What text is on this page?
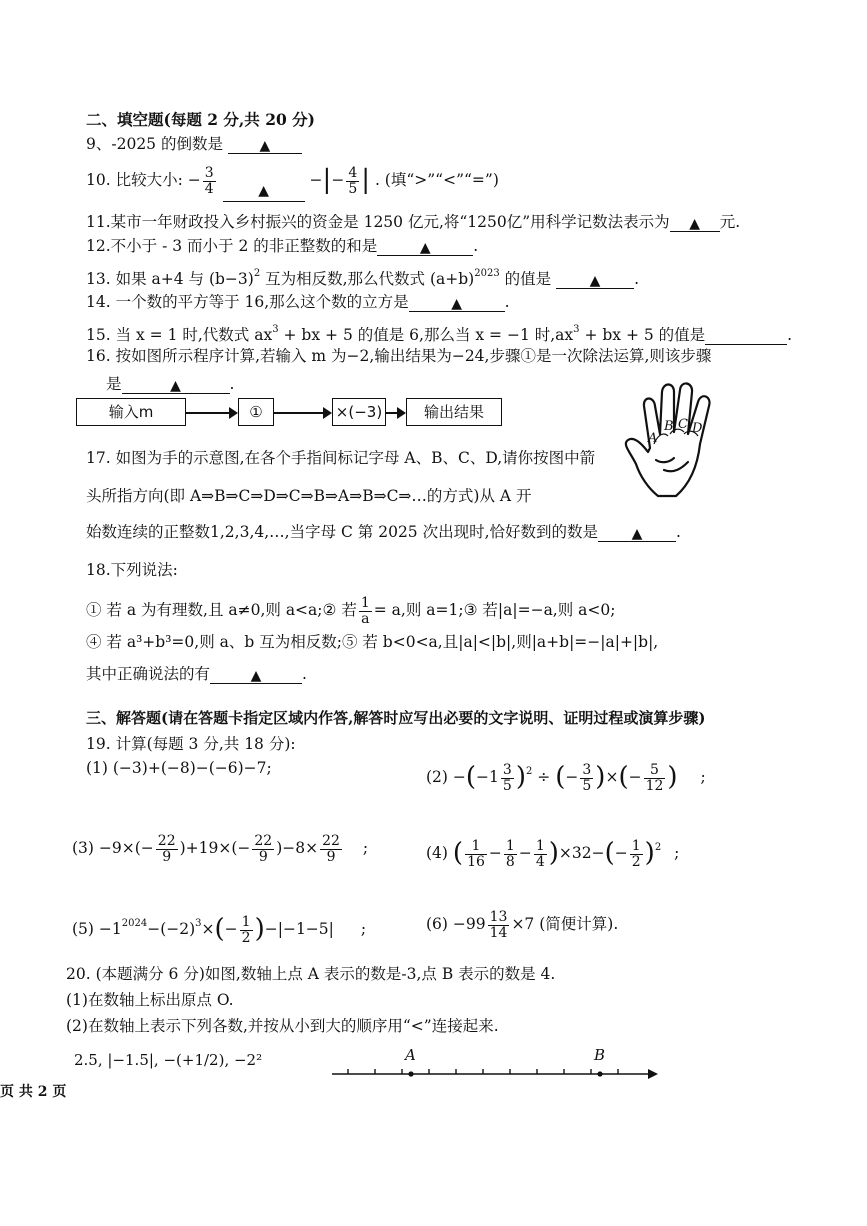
二、填空题(每题 2 分,共 20 分)
9、-2025 的倒数是	▲
10. 比较大小: − $\frac{3}{4}$	▲ −|− $\frac{4}{5}$ | . (填“>”“<”“=”)
11.某市一年财政投入乡村振兴的资金是 1250 亿元,将“1250亿”用科学记数法表示为 ▲ 元.
12.不小于 - 3 而小于 2 的非正整数的和是	▲	.
13. 如果 a+4 与 $(b-3)^2$ 互为相反数,那么代数式 $(a+b)^{2023}$ 的值是	▲ .
14. 一个数的平方等于 16,那么这个数的立方是	▲	.
15. 当 x = 1 时,代数式 $ax^3$ + bx + 5 的值是 6,那么当 x = −1 时$,ax^3$ + bx + 5 的值是	.
16. 按如图所示程序计算,若输入 m 为−2,输出结果为−24,步骤①是一次除法运算,则该步骤
是	▲	.
输入m	①	×(−3)	输出结果
A
B C D
17. 如图为手的示意图,在各个手指间标记字母 A、B、C、D,请你按图中箭
头所指方向(即 A⇒B⇒C⇒D⇒C⇒B⇒A⇒B⇒C⇒…的方式)从 A 开
始数连续的正整数1,2,3,4,…,当字母 C 第 2025 次出现时,恰好数到的数是 ▲ .
18.下列说法:
① 若 a 为有理数,且 a≠0,则 a<a;② 若 $\frac{1}{a} = a$,则 a=1;③ 若|a|=−a,则 a<0;
④ 若 a³+b³=0,则 a、b 互为相反数;⑤ 若 b<0<a,且|a|<|b|,则|a+b|=−|a|+|b|,
其中正确说法的有	▲	.
三、解答题(请在答题卡指定区域内作答,解答时应写出必要的文字说明、证明过程或演算步骤)
19. 计算(每题 3 分,共 18 分):
(1) (−3)+(−8)−(−6)−7;	$(2) -(-1 \frac{3}{5} )^2$ ÷ (− $\frac{3}{5}$ )×(− $\frac{5}{12}$ ) ;
$(3) -9\times(- \frac{22}{9} )+19\times(- \frac{22}{9} )-8\times \frac{22}{9}$ ;	(4) ( $\frac{1}{16} - \frac{1}{8} - \frac{1}{4} )\times 32-(- \frac{1}{2} )^2$ ;
$(5) -1^{2024}-(-2)^3\times(- \frac{1}{2} )-|-1-5|$ ;	$(6) -99 \frac{13}{14} \times 7$ (简便计算).
20. (本题满分 6 分)如图,数轴上点 A 表示的数是-3,点 B 表示的数是 4.
(1)在数轴上标出原点 O.
(2)在数轴上表示下列各数,并按从小到大的顺序用“<”连接起来.
2.5, |−1.5|, −(+1/2), −2²	A	B
页 共 2 页
